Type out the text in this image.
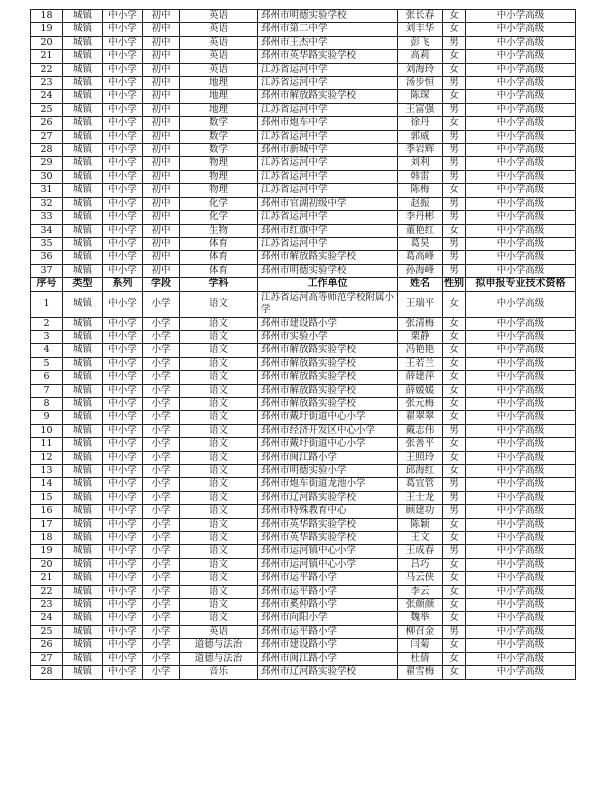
18	城镇	中小学	初中	英语	邳州市明德实验学校	张长春	女	中小学高级
19	城镇	中小学	初中	英语	邳州市第二中学	刘丰华	女	中小学高级
20	城镇	中小学	初中	英语	邳州市王杰中学	彭飞	男	中小学高级
21	城镇	中小学	初中	英语	邳州市英华路实验学校	高莉	女	中小学高级
22	城镇	中小学	初中	英语	江苏省运河中学	刘海玲	女	中小学高级
23	城镇	中小学	初中	地理	江苏省运河中学	汤步恒	男	中小学高级
24	城镇	中小学	初中	地理	邳州市解放路实验学校	陈琛	女	中小学高级
25	城镇	中小学	初中	地理	江苏省运河中学	王富强	男	中小学高级
26	城镇	中小学	初中	数学	邳州市炮车中学	徐丹	女	中小学高级
27	城镇	中小学	初中	数学	江苏省运河中学	郭威	男	中小学高级
28	城镇	中小学	初中	数学	邳州市新城中学	季岩辉	男	中小学高级
29	城镇	中小学	初中	物理	江苏省运河中学	刘利	男	中小学高级
30	城镇	中小学	初中	物理	江苏省运河中学	韩雷	男	中小学高级
31	城镇	中小学	初中	物理	江苏省运河中学	陈梅	女	中小学高级
32	城镇	中小学	初中	化学	邳州市官湖初级中学	赵振	男	中小学高级
33	城镇	中小学	初中	化学	江苏省运河中学	李丹彬	男	中小学高级
34	城镇	中小学	初中	生物	邳州市红旗中学	董艳红	女	中小学高级
35	城镇	中小学	初中	体育	江苏省运河中学	葛昊	男	中小学高级
36	城镇	中小学	初中	体育	邳州市解放路实验学校	葛高峰	男	中小学高级
37	城镇	中小学	初中	体育	邳州市明德实验学校	孙海峰	男	中小学高级
序号	类型	系列	学段	学科	工作单位	姓名	性别	拟申报专业技术资格
1	城镇	中小学	小学	语文	江苏省运河高等师范学校附属小学	王瑞平	女	中小学高级
2	城镇	中小学	小学	语文	邳州市建设路小学	张清梅	女	中小学高级
3	城镇	中小学	小学	语文	邳州市实验小学	栗静	女	中小学高级
4	城镇	中小学	小学	语文	邳州市解放路实验学校	冯艳艳	女	中小学高级
5	城镇	中小学	小学	语文	邳州市解放路实验学校	王若兰	女	中小学高级
6	城镇	中小学	小学	语文	邳州市解放路实验学校	薛建萍	女	中小学高级
7	城镇	中小学	小学	语文	邳州市解放路实验学校	薛媛媛	女	中小学高级
8	城镇	中小学	小学	语文	邳州市解放路实验学校	张元梅	女	中小学高级
9	城镇	中小学	小学	语文	邳州市戴圩街道中心小学	翟翠翠	女	中小学高级
10	城镇	中小学	小学	语文	邳州市经济开发区中心小学	戴志伟	男	中小学高级
11	城镇	中小学	小学	语文	邳州市戴圩街道中心小学	张善平	女	中小学高级
12	城镇	中小学	小学	语文	邳州市闽江路小学	王照玲	女	中小学高级
13	城镇	中小学	小学	语文	邳州市明德实验小学	邱海红	女	中小学高级
14	城镇	中小学	小学	语文	邳州市炮车街道龙池小学	葛宜管	男	中小学高级
15	城镇	中小学	小学	语文	邳州市辽河路实验学校	王士龙	男	中小学高级
16	城镇	中小学	小学	语文	邳州市特殊教育中心	顾建功	男	中小学高级
17	城镇	中小学	小学	语文	邳州市英华路实验学校	陈颖	女	中小学高级
18	城镇	中小学	小学	语文	邳州市英华路实验学校	王文	女	中小学高级
19	城镇	中小学	小学	语文	邳州市运河镇中心小学	王成春	男	中小学高级
20	城镇	中小学	小学	语文	邳州市运河镇中心小学	吕巧	女	中小学高级
21	城镇	中小学	小学	语文	邳州市运平路小学	马云侠	女	中小学高级
22	城镇	中小学	小学	语文	邳州市运平路小学	李云	女	中小学高级
23	城镇	中小学	小学	语文	邳州市奚仲路小学	张颜颜	女	中小学高级
24	城镇	中小学	小学	语文	邳州市向阳小学	魏举	女	中小学高级
25	城镇	中小学	小学	英语	邳州市运平路小学	柳召金	男	中小学高级
26	城镇	中小学	小学	道德与法治	邳州市建设路小学	闫菊	女	中小学高级
27	城镇	中小学	小学	道德与法治	邳州市闽江路小学	杜倩	女	中小学高级
28	城镇	中小学	小学	音乐	邳州市辽河路实验学校	翟雪梅	女	中小学高级
